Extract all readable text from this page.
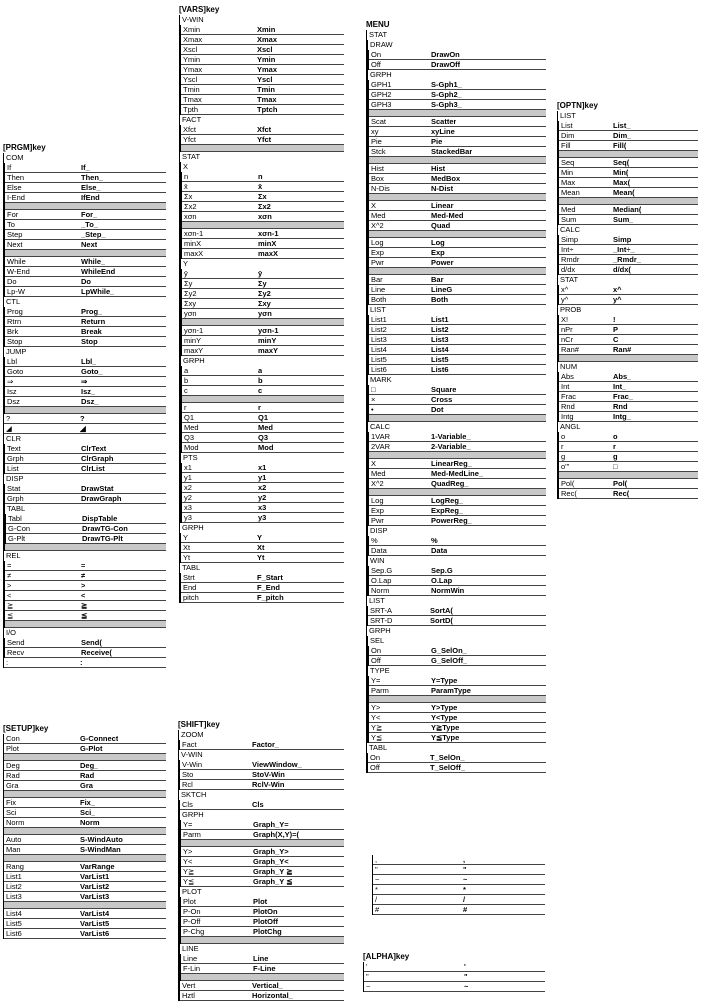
[VARS]key
V-WIN
Xmin	Xmin
Xmax	Xmax
Xscl	Xscl
Ymin	Ymin
Ymax	Ymax
Yscl	Yscl
Tmin	Tmin
Tmax	Tmax
Tpth	Tptch
FACT
Xfct	Xfct
Yfct	Yfct
STAT
X
n	n
x̄	x̄
Σx	Σx
Σx2	Σx2
xσn	xσn
xσn-1	xσn-1
minX	minX
maxX	maxX
Y
ȳ	ȳ
Σy	Σy
Σy2	Σy2
Σxy	Σxy
yσn	yσn
yσn-1	yσn-1
minY	minY
maxY	maxY
GRPH
a	a
b	b
c	c
r	r
Q1	Q1
Med	Med
Q3	Q3
Mod	Mod
PTS
x1	x1
y1	y1
x2	x2
y2	y2
x3	x3
y3	y3
GRPH
Y	Y
Xt	Xt
Yt	Yt
TABL
Strt	F_Start
End	F_End
pitch	F_pitch
[PRGM]key
COM
If	If_
Then	Then_
Else	Else_
I-End	IfEnd
For	For_
To	_To_
Step	_Step_
Next	Next
While	While_
W-End	WhileEnd
Do	Do
Lp-W	LpWhile_
CTL
Prog	Prog_
Rtrn	Return
Brk	Break
Stop	Stop
JUMP
Lbl	Lbl_
Goto	Goto_
⇒	⇒
Isz	Isz_
Dsz	Dsz_
?	?
◢	◢
CLR
Text	ClrText
Grph	ClrGraph
List	ClrList
DISP
Stat	DrawStat
Grph	DrawGraph
TABL
Tabl	DispTable
G-Con	DrawTG-Con
G-Plt	DrawTG-Plt
REL
=	=
≠	≠
>	>
<	<
≧	≧
≦	≦
I/O
Send	Send(
Recv	Receive(
:	:
[SETUP]key
Con	G-Connect
Plot	G-Plot
Deg	Deg_
Rad	Rad
Gra	Gra
Fix	Fix_
Sci	Sci_
Norm	Norm
Auto	S-WindAuto
Man	S-WindMan
Rang	VarRange
List1	VarList1
List2	VarList2
List3	VarList3
List4	VarList4
List5	VarList5
List6	VarList6
[SHIFT]key
ZOOM
Fact	Factor_
V-WIN
V-Win	ViewWindow_
Sto	StoV-Win
Rcl	RclV-Win
SKTCH
Cls	Cls
GRPH
Y=	Graph_Y=
Parm	Graph(X,Y)=(
Y>	Graph_Y>
Y<	Graph_Y<
Y≧	Graph_Y ≧
Y≦	Graph_Y ≦
PLOT
Plot	Plot
P-On	PlotOn
P-Off	PlotOff
P-Chg	PlotChg
LINE
Line	Line
F-Lin	F-Line
Vert	Vertical_
Hztl	Horizontal_
MENU
STAT
DRAW
On	DrawOn
Off	DrawOff
GRPH
GPH1	S-Gph1_
GPH2	S-Gph2_
GPH3	S-Gph3_
Scat	Scatter
xy	xyLine
Pie	Pie
Stck	StackedBar
Hist	Hist
Box	MedBox
N-Dis	N-Dist
X	Linear
Med	Med-Med
X^2	Quad
Log	Log
Exp	Exp
Pwr	Power
Bar	Bar
Line	LineG
Both	Both
LIST
List1	List1
List2	List2
List3	List3
List4	List4
List5	List5
List6	List6
MARK
□	Square
×	Cross
•	Dot
CALC
1VAR	1-Variable_
2VAR	2-Variable_
X	LinearReg_
Med	Med-MedLine_
X^2	QuadReg_
Log	LogReg_
Exp	ExpReg_
Pwr	PowerReg_
DISP
%	%
Data	Data
WIN
Sep.G	Sep.G
O.Lap	O.Lap
Norm	NormWin
LIST
SRT-A	SortA(
SRT-D	SortD(
GRPH
SEL
On	G_SelOn_
Off	G_SelOff_
TYPE
Y=	Y=Type
Parm	ParamType
Y>	Y>Type
Y<	Y<Type
Y≧	Y≧Type
Y≦	Y≦Type
TABL
On	T_SelOn_
Off	T_SelOff_
,	,
"	"
~	~
*	*
/	/
#	#
[ALPHA]key
'	'
"	"
~	~
[OPTN]key
LIST
List	List_
Dim	Dim_
Fill	Fill(
Seq	Seq(
Min	Min(
Max	Max(
Mean	Mean(
Med	Median(
Sum	Sum_
CALC
Simp	Simp
Int÷	_Int÷_
Rmdr	_Rmdr_
d/dx	d/dx(
STAT
x^	x^
y^	y^
PROB
X!	!
nPr	P
nCr	C
Ran#	Ran#
NUM
Abs	Abs_
Int	Int_
Frac	Frac_
Rnd	Rnd
Intg	Intg_
ANGL
o	o
r	r
g	g
o'"	□
Pol(	Pol(
Rec(	Rec(
